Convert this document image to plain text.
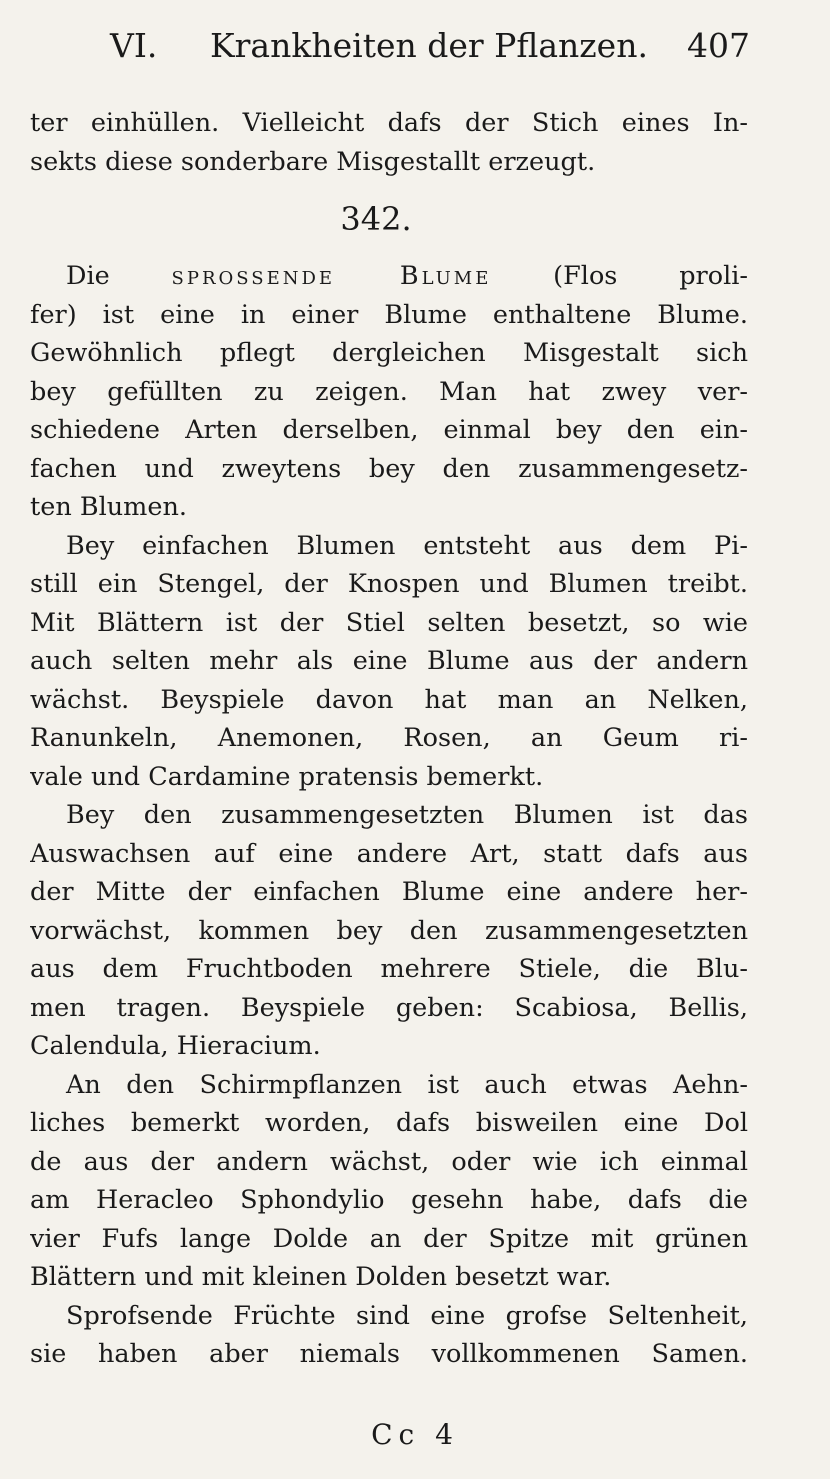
VI. Krankheiten der Pflanzen. 407
ter einhüllen. Vielleicht dafs der Stich eines In-
sekts diese sonderbare Misgestallt erzeugt.
342.
Die sprossende Blume (Flos proli-
fer) ist eine in einer Blume enthaltene Blume.
Gewöhnlich pflegt dergleichen Misgestalt sich
bey gefüllten zu zeigen. Man hat zwey ver-
schiedene Arten derselben, einmal bey den ein-
fachen und zweytens bey den zusammengesetz-
ten Blumen.
Bey einfachen Blumen entsteht aus dem Pi-
still ein Stengel, der Knospen und Blumen treibt.
Mit Blättern ist der Stiel selten besetzt, so wie
auch selten mehr als eine Blume aus der andern
wächst. Beyspiele davon hat man an Nelken,
Ranunkeln, Anemonen, Rosen, an Geum ri-
vale und Cardamine pratensis bemerkt.
Bey den zusammengesetzten Blumen ist das
Auswachsen auf eine andere Art, statt dafs aus
der Mitte der einfachen Blume eine andere her-
vorwächst, kommen bey den zusammengesetzten
aus dem Fruchtboden mehrere Stiele, die Blu-
men tragen. Beyspiele geben: Scabiosa, Bellis,
Calendula, Hieracium.
An den Schirmpflanzen ist auch etwas Aehn-
liches bemerkt worden, dafs bisweilen eine Dol
de aus der andern wächst, oder wie ich einmal
am Heracleo Sphondylio gesehn habe, dafs die
vier Fufs lange Dolde an der Spitze mit grünen
Blättern und mit kleinen Dolden besetzt war.
Sprofsende Früchte sind eine grofse Seltenheit,
sie haben aber niemals vollkommenen Samen.
Cc 4
